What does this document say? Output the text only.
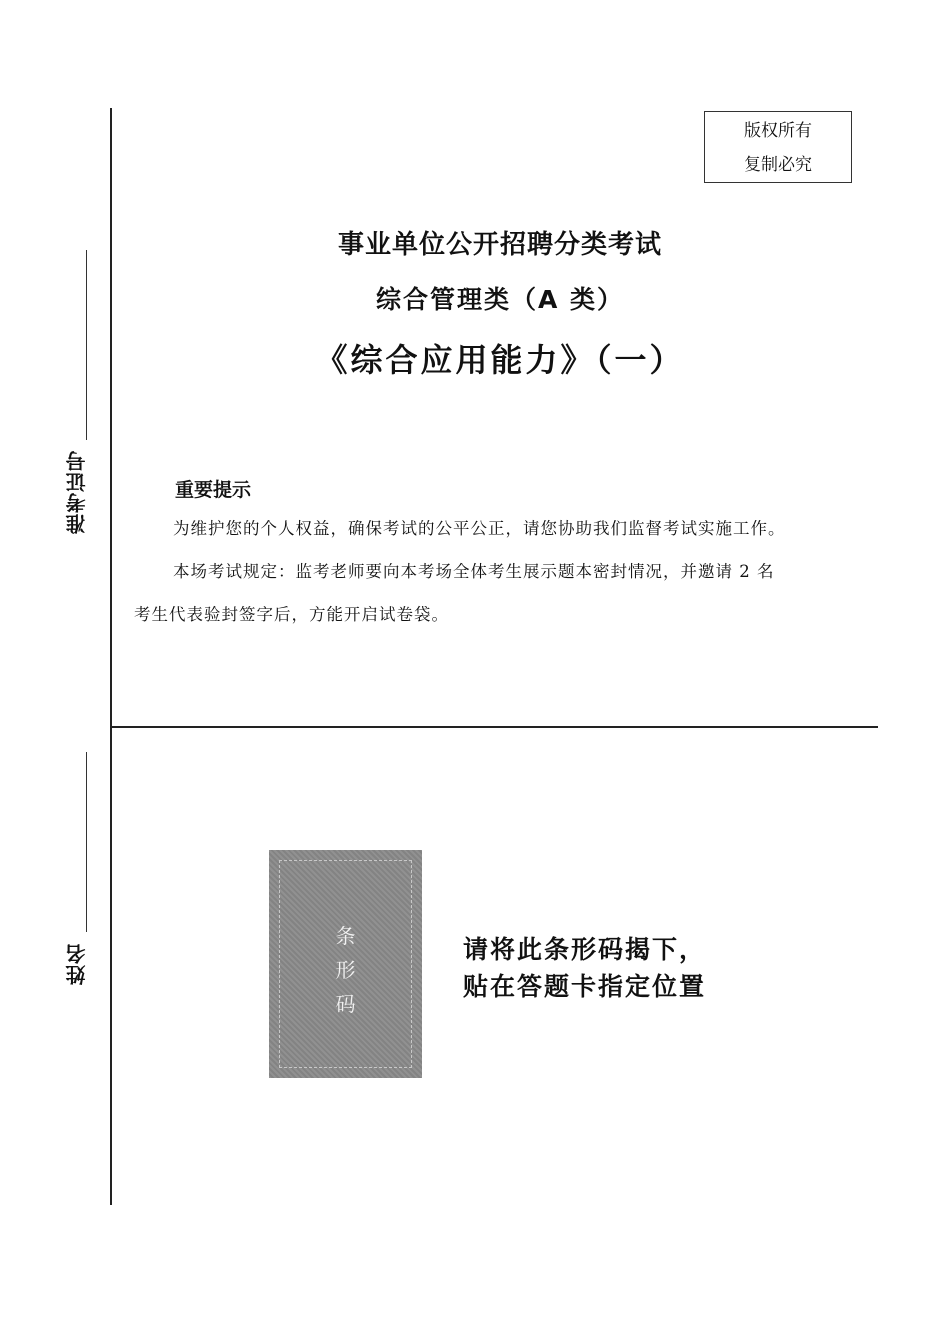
准考证号
姓名
版权所有
复制必究
事业单位公开招聘分类考试
综合管理类（A 类）
《综合应用能力》（一）
重要提示
为维护您的个人权益，确保考试的公平公正，请您协助我们监督考试实施工作。
本场考试规定：监考老师要向本考场全体考生展示题本密封情况，并邀请 2 名
考生代表验封签字后，方能开启试卷袋。
条
形
码
请将此条形码揭下，
贴在答题卡指定位置
